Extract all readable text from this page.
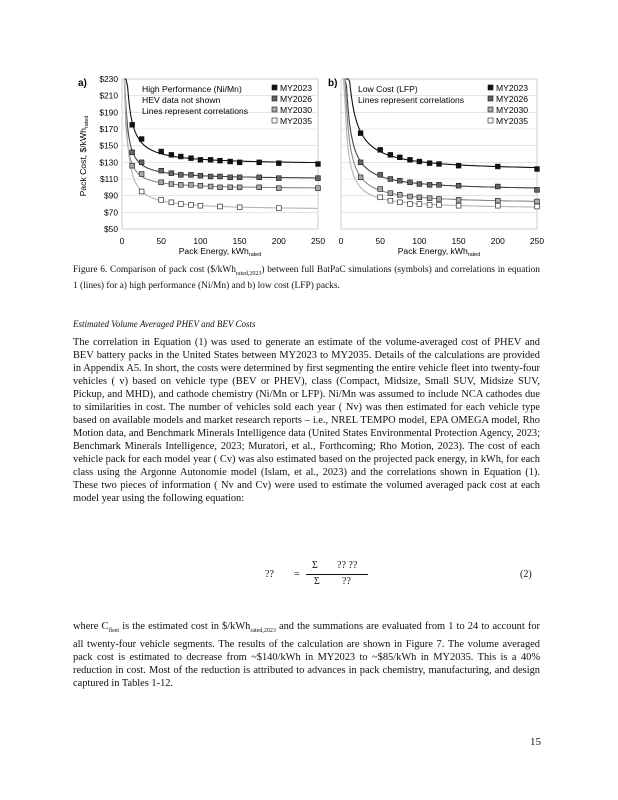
$230
$210
$190
$170
$150
$130
$110
$90
$70
$50
0	50	100	150	200	250 0	50	100	150	200	250
a)	b)
High Performance (Ni/Mn)
HEV data not shown
Lines represent correlations
Low Cost (LFP)
Lines represent correlations
MY2023
MY2026
MY2030
MY2035
MY2023
MY2026
MY2030
MY2035
Pack Cost, $/kWh$_{rated}$
Pack Energy, kWh$_{rated}$	Pack Energy, kWh$_{rated}$
Figure 6. Comparison of pack cost ($/kWh$_{rated,2023}$) between full BatPaC simulations (symbols) and correlations in equation 1 (lines) for a) high performance (Ni/Mn) and b) low cost (LFP) packs.
Estimated Volume Averaged PHEV and BEV Costs
The correlation in Equation (1) was used to generate an estimate of the volume-averaged cost of PHEV and BEV battery packs in the United States between MY2023 to MY2035. Details of the calculations are provided in Appendix A5. In short, the costs were determined by first segmenting the entire vehicle fleet into twenty-four vehicles ( v) based on vehicle type (BEV or PHEV), class (Compact, Midsize, Small SUV, Midsize SUV, Pickup, and MHD), and cathode chemistry (Ni/Mn or LFP). Ni/Mn was assumed to include NCA cathodes due to similarities in cost. The number of vehicles sold each year ( Nv) was then estimated for each vehicle type based on available models and market research reports – i.e., NREL TEMPO model, EPA OMEGA model, Rho Motion data, and Benchmark Minerals Intelligence data (United States Environmental Protection Agency, 2023; Benchmark Minerals Intelligence, 2023; Muratori, et al., Forthcoming; Rho Motion, 2023). The cost of each vehicle pack for each model year ( Cv) was also estimated based on the projected pack energy, in kWh, for each class using the Argonne Autonomie model (Islam, et al., 2023) and the correlations shown in Equation (1). These two pieces of information ( Nv and Cv) were used to estimate the volumed averaged pack cost at each model year using the following equation:
?? =
Σ ?? ??
Σ ??
(2)
where $C_{fleet}$ is the estimated cost in $/kWh$_{rated,2023}$ and the summations are evaluated from 1 to 24 to account for all twenty-four vehicle segments. The results of the calculation are shown in Figure 7. The volume averaged pack cost is estimated to decrease from ~$140/kWh in MY2023 to ~$85/kWh in MY2035. This is a 40% reduction in cost. Most of the reduction is attributed to advances in pack chemistry, manufacturing, and design captured in Tables 1-12.
15
